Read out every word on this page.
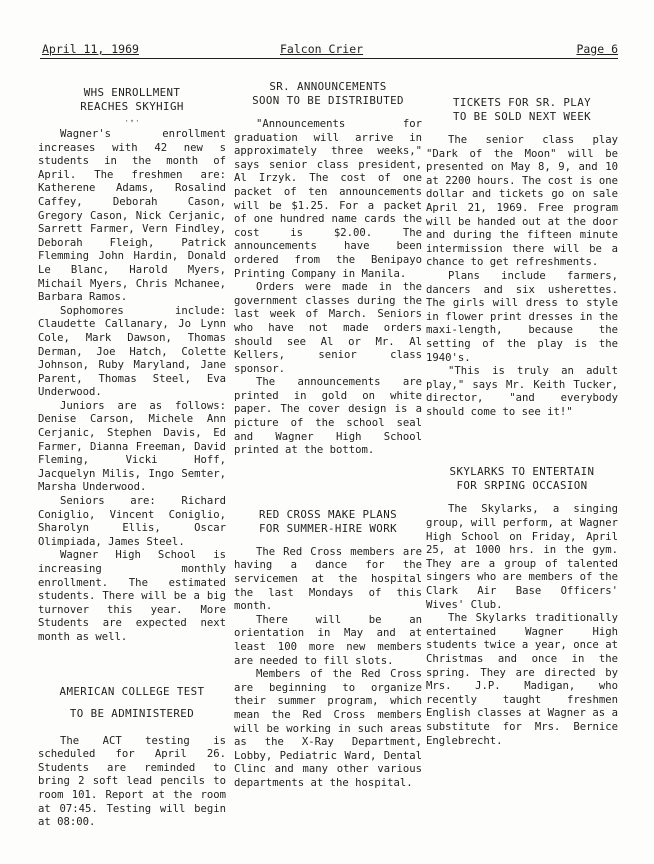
April 11, 1969	Falcon Crier	Page 6

WHS ENROLLMENT
REACHES SKYHIGH

·⋆·

Wagner's enrollment increases with 42 new s students in the month of April. The freshmen are: Katherene Adams, Rosalind Caffey, Deborah Cason, Gregory Cason, Nick Cerjanic, Sarrett Farmer, Vern Findley, Deborah Fleigh, Patrick Flemming John Hardin, Donald Le Blanc, Harold Myers, Michail Myers, Chris Mchanee, Barbara Ramos.

Sophomores include: Claudette Callanary, Jo Lynn Cole, Mark Dawson, Thomas Derman, Joe Hatch, Colette Johnson, Ruby Maryland, Jane Parent, Thomas Steel, Eva Underwood.

Juniors are as follows: Denise Carson, Michele Ann Cerjanic, Stephen Davis, Ed Farmer, Dianna Freeman, David Fleming, Vicki Hoff, Jacquelyn Milis, Ingo Semter, Marsha Underwood.

Seniors are: Richard Coniglio, Vincent Coniglio, Sharolyn Ellis, Oscar Olimpiada, James Steel.

Wagner High School is increasing monthly enrollment. The estimated students. There will be a big turnover this year. More Students are expected next month as well.

AMERICAN COLLEGE TEST
TO BE ADMINISTERED

The ACT testing is scheduled for April 26. Students are reminded to bring 2 soft lead pencils to room 101. Report at the room at 07:45. Testing will begin at 08:00.

SR. ANNOUNCEMENTS
SOON TO BE DISTRIBUTED

"Announcements for graduation will arrive in approximately three weeks," says senior class president, Al Irzyk. The cost of one packet of ten announcements will be $1.25. For a packet of one hundred name cards the cost is $2.00. The announcements have been ordered from the Benipayo Printing Company in Manila.

Orders were made in the government classes during the last week of March. Seniors who have not made orders should see Al or Mr. Al Kellers, senior class sponsor.

The announcements are printed in gold on white paper. The cover design is a picture of the school seal and Wagner High School printed at the bottom.

RED CROSS MAKE PLANS
FOR SUMMER-HIRE WORK

The Red Cross members are having a dance for the servicemen at the hospital the last Mondays of this month.

There will be an orientation in May and at least 100 more new members are needed to fill slots.

Members of the Red Cross are beginning to organize their summer program, which mean the Red Cross members will be working in such areas as the X-Ray Department, Lobby, Pediatric Ward, Dental Clinc and many other various departments at the hospital.

TICKETS FOR SR. PLAY
TO BE SOLD NEXT WEEK

The senior class play "Dark of the Moon" will be presented on May 8, 9, and 10 at 2200 hours. The cost is one dollar and tickets go on sale April 21, 1969. Free program will be handed out at the door and during the fifteen minute intermission there will be a chance to get refreshments.

Plans include farmers, dancers and six usherettes. The girls will dress to style in flower print dresses in the maxi-length, because the setting of the play is the 1940's.

"This is truly an adult play," says Mr. Keith Tucker, director, "and everybody should come to see it!"

SKYLARKS TO ENTERTAIN
FOR SRPING OCCASION

The Skylarks, a singing group, will perform, at Wagner High School on Friday, April 25, at 1000 hrs. in the gym. They are a group of talented singers who are members of the Clark Air Base Officers' Wives' Club.

The Skylarks traditionally entertained Wagner High students twice a year, once at Christmas and once in the spring. They are directed by Mrs. J.P. Madigan, who recently taught freshmen English classes at Wagner as a substitute for Mrs. Bernice Englebrecht.
